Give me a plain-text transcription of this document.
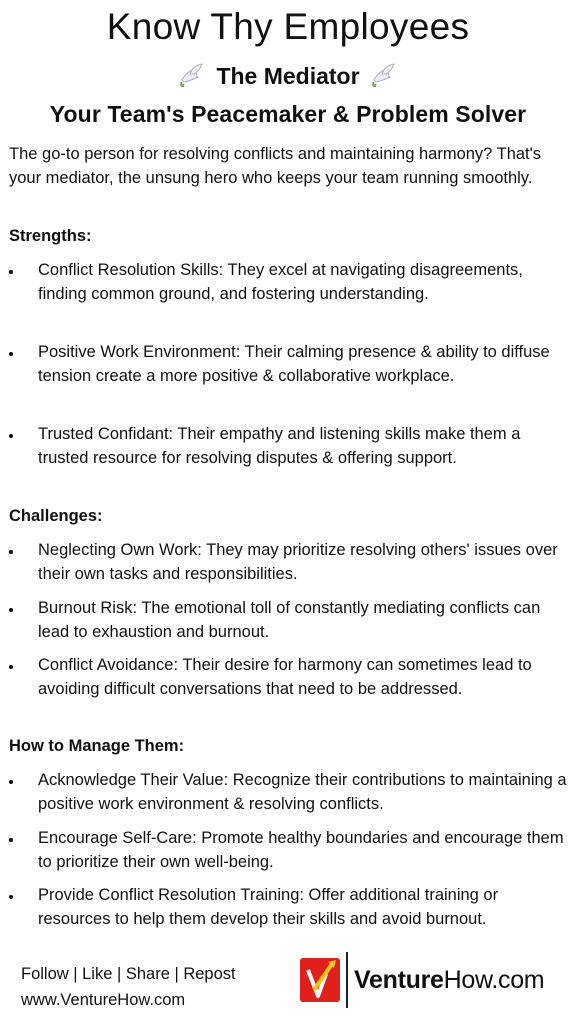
Know Thy Employees
The Mediator
Your Team's Peacemaker & Problem Solver
The go-to person for resolving conflicts and maintaining harmony? That's your mediator, the unsung hero who keeps your team running smoothly.
Strengths:
Conflict Resolution Skills: They excel at navigating disagreements, finding common ground, and fostering understanding.
Positive Work Environment: Their calming presence & ability to diffuse tension create a more positive & collaborative workplace.
Trusted Confidant: Their empathy and listening skills make them a trusted resource for resolving disputes & offering support.
Challenges:
Neglecting Own Work: They may prioritize resolving others' issues over their own tasks and responsibilities.
Burnout Risk: The emotional toll of constantly mediating conflicts can lead to exhaustion and burnout.
Conflict Avoidance: Their desire for harmony can sometimes lead to avoiding difficult conversations that need to be addressed.
How to Manage Them:
Acknowledge Their Value: Recognize their contributions to maintaining a positive work environment & resolving conflicts.
Encourage Self-Care: Promote healthy boundaries and encourage them to prioritize their own well-being.
Provide Conflict Resolution Training: Offer additional training or resources to help them develop their skills and avoid burnout.
Follow | Like | Share | Repost
www.VentureHow.com
VentureHow.com
